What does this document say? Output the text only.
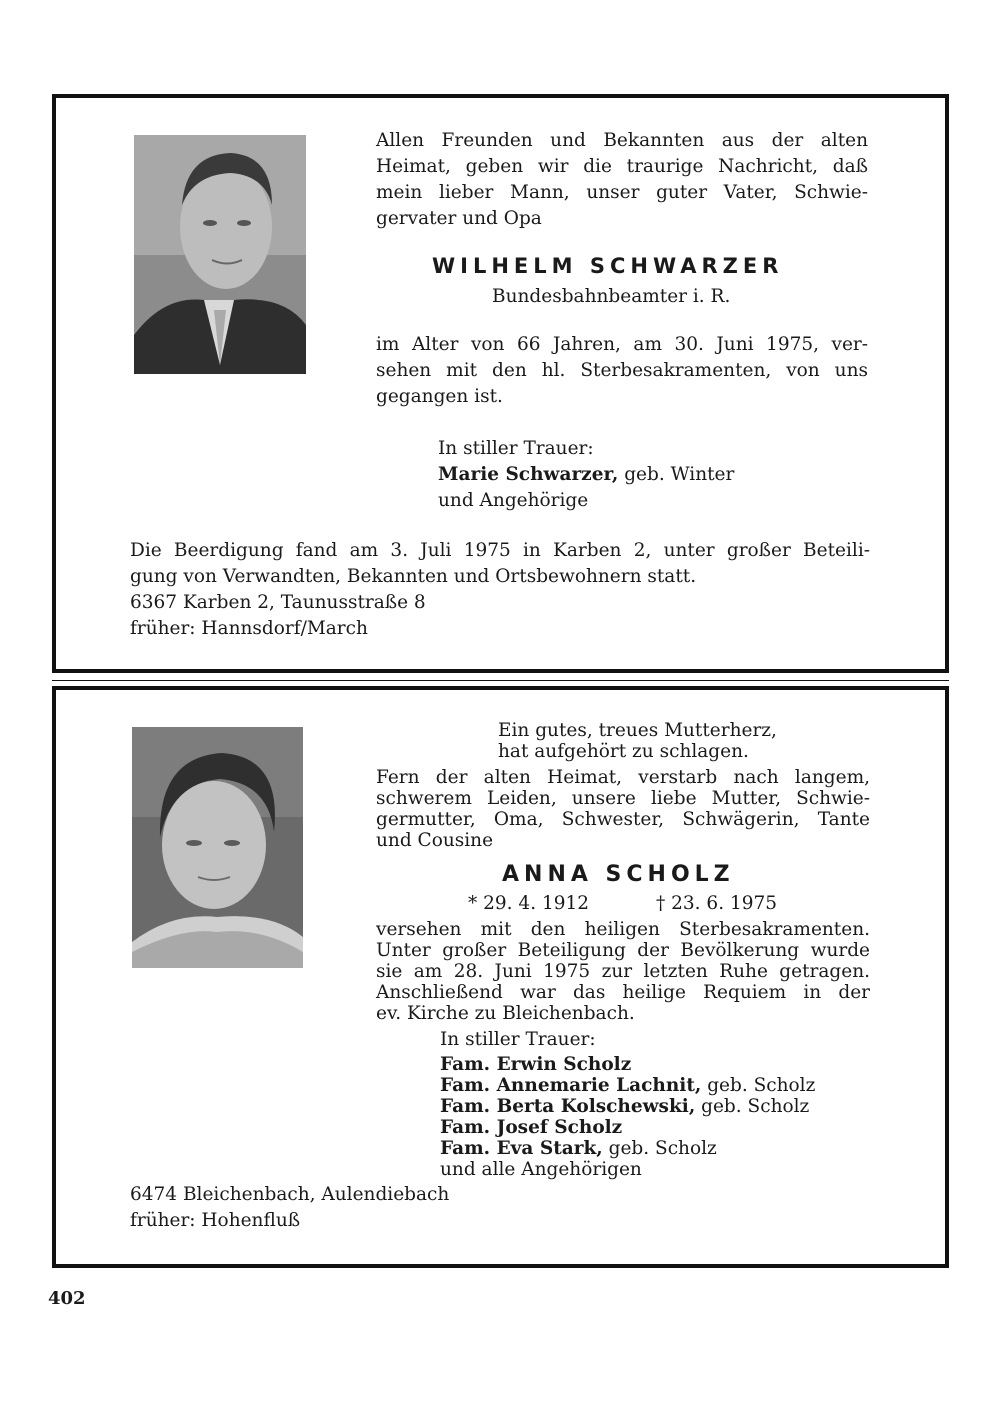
Allen Freunden und Bekannten aus der alten
Heimat, geben wir die traurige Nachricht, daß
mein lieber Mann, unser guter Vater, Schwie-
gervater und Opa
WILHELM SCHWARZER
Bundesbahnbeamter i. R.
im Alter von 66 Jahren, am 30. Juni 1975, ver-
sehen mit den hl. Sterbesakramenten, von uns
gegangen ist.
In stiller Trauer:
Marie Schwarzer, geb. Winter
und Angehörige
Die Beerdigung fand am 3. Juli 1975 in Karben 2, unter großer Beteili-
gung von Verwandten, Bekannten und Ortsbewohnern statt.
6367 Karben 2, Taunusstraße 8
früher: Hannsdorf/March
Ein gutes, treues Mutterherz,
hat aufgehört zu schlagen.
Fern der alten Heimat, verstarb nach langem,
schwerem Leiden, unsere liebe Mutter, Schwie-
germutter, Oma, Schwester, Schwägerin, Tante
und Cousine
ANNA SCHOLZ
* 29. 4. 1912	† 23. 6. 1975
versehen mit den heiligen Sterbesakramenten.
Unter großer Beteiligung der Bevölkerung wurde
sie am 28. Juni 1975 zur letzten Ruhe getragen.
Anschließend war das heilige Requiem in der
ev. Kirche zu Bleichenbach.
In stiller Trauer:
Fam. Erwin Scholz
Fam. Annemarie Lachnit, geb. Scholz
Fam. Berta Kolschewski, geb. Scholz
Fam. Josef Scholz
Fam. Eva Stark, geb. Scholz
und alle Angehörigen
6474 Bleichenbach, Aulendiebach
früher: Hohenfluß
402
